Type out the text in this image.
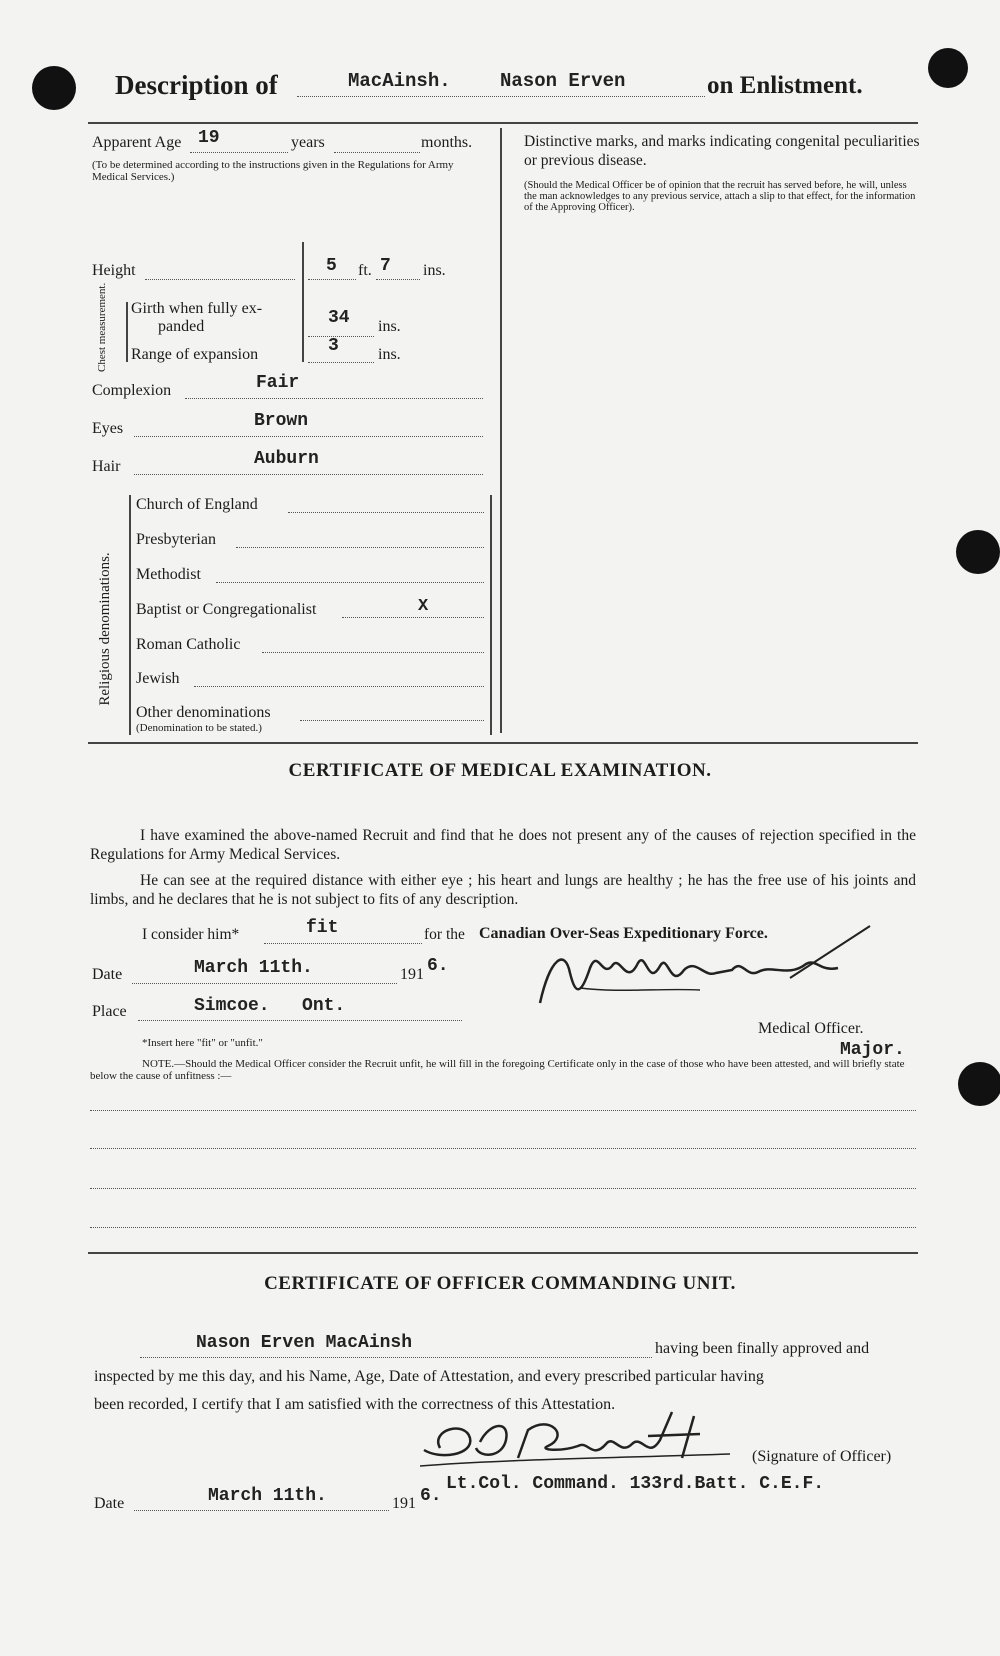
Description of	MacAinsh.	Nason Erven	on Enlistment.
Apparent Age 19	years	months.
(To be determined according to the instructions given in the Regulations for Army Medical Services.)
Height	5 ft. 7 ins.
Chest measurement. Girth when fully ex-
panded	34 ins.
Range of expansion	3 ins.
Complexion	Fair
Eyes	Brown
Hair	Auburn
Religious denominations.
Church of England
Presbyterian
Methodist
Baptist or Congregationalist	X
Roman Catholic
Jewish
Other denominations
(Denomination to be stated.)
Distinctive marks, and marks indicating congenital peculiarities or previous disease.
(Should the Medical Officer be of opinion that the recruit has served before, he will, unless the man acknowledges to any previous service, attach a slip to that effect, for the information of the Approving Officer).
CERTIFICATE OF MEDICAL EXAMINATION.
I have examined the above-named Recruit and find that he does not present any of the causes of rejection specified in the Regulations for Army Medical Services.
He can see at the required distance with either eye ; his heart and lungs are healthy ; he has the free use of his joints and limbs, and he declares that he is not subject to fits of any description.
I consider him*	fit	for the Canadian Over-Seas Expeditionary Force.
Date	March 11th.	191 6.
Place	Simcoe.   Ont.
Medical Officer.
Major.
*Insert here "fit" or "unfit."
NOTE.—Should the Medical Officer consider the Recruit unfit, he will fill in the foregoing Certificate only in the case of those who have been attested, and will briefly state below the cause of unfitness :—
CERTIFICATE OF OFFICER COMMANDING UNIT.
Nason Erven MacAinsh	having been finally approved and
inspected by me this day, and his Name, Age, Date of Attestation, and every prescribed particular having
been recorded, I certify that I am satisfied with the correctness of this Attestation.
(Signature of Officer)
Date	March 11th.	191 6.
Lt.Col. Command. 133rd.Batt. C.E.F.
